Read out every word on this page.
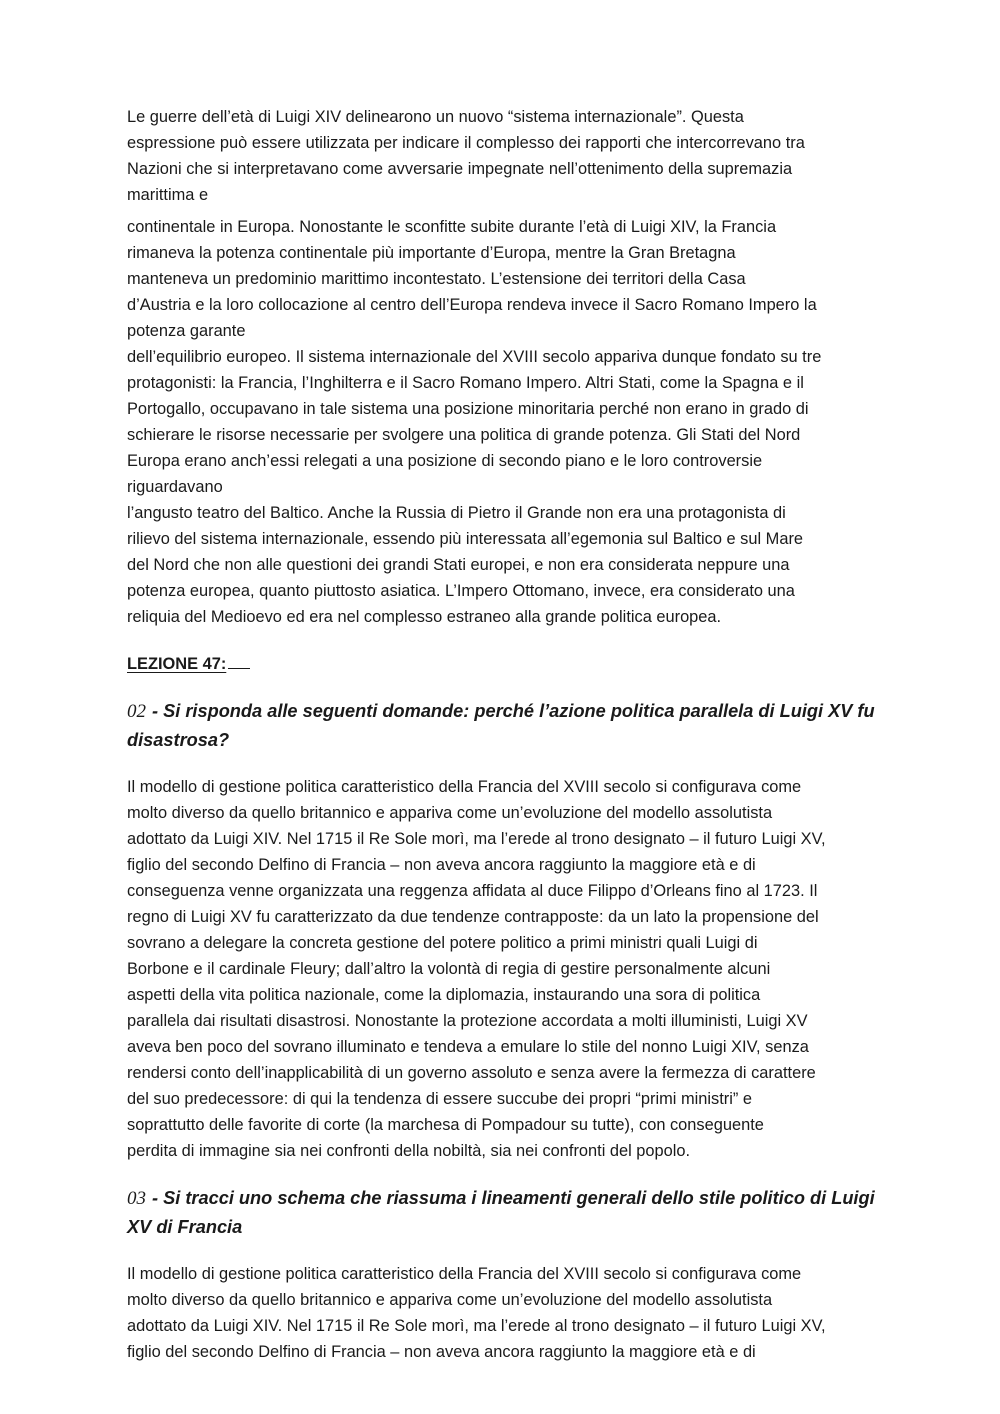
Le guerre dell’età di Luigi XIV delinearono un nuovo “sistema internazionale”. Questa
espressione può essere utilizzata per indicare il complesso dei rapporti che intercorrevano tra
Nazioni che si interpretavano come avversarie impegnate nell’ottenimento della supremazia
marittima e
continentale in Europa. Nonostante le sconfitte subite durante l’età di Luigi XIV, la Francia
rimaneva la potenza continentale più importante d’Europa, mentre la Gran Bretagna
manteneva un predominio marittimo incontestato. L’estensione dei territori della Casa
d’Austria e la loro collocazione al centro dell’Europa rendeva invece il Sacro Romano Impero la
potenza garante
dell’equilibrio europeo. Il sistema internazionale del XVIII secolo appariva dunque fondato su tre
protagonisti: la Francia, l’Inghilterra e il Sacro Romano Impero. Altri Stati, come la Spagna e il
Portogallo, occupavano in tale sistema una posizione minoritaria perché non erano in grado di
schierare le risorse necessarie per svolgere una politica di grande potenza. Gli Stati del Nord
Europa erano anch’essi relegati a una posizione di secondo piano e le loro controversie
riguardavano
l’angusto teatro del Baltico. Anche la Russia di Pietro il Grande non era una protagonista di
rilievo del sistema internazionale, essendo più interessata all’egemonia sul Baltico e sul Mare
del Nord che non alle questioni dei grandi Stati europei, e non era considerata neppure una
potenza europea, quanto piuttosto asiatica. L’Impero Ottomano, invece, era considerato una
reliquia del Medioevo ed era nel complesso estraneo alla grande politica europea.

LEZIONE 47:

02 - Si risponda alle seguenti domande: perché l’azione politica parallela di Luigi XV fu
disastrosa?
Il modello di gestione politica caratteristico della Francia del XVIII secolo si configurava come
molto diverso da quello britannico e appariva come un’evoluzione del modello assolutista
adottato da Luigi XIV. Nel 1715 il Re Sole morì, ma l’erede al trono designato – il futuro Luigi XV,
figlio del secondo Delfino di Francia – non aveva ancora raggiunto la maggiore età e di
conseguenza venne organizzata una reggenza affidata al duce Filippo d’Orleans fino al 1723. Il
regno di Luigi XV fu caratterizzato da due tendenze contrapposte: da un lato la propensione del
sovrano a delegare la concreta gestione del potere politico a primi ministri quali Luigi di
Borbone e il cardinale Fleury; dall’altro la volontà di regia di gestire personalmente alcuni
aspetti della vita politica nazionale, come la diplomazia, instaurando una sora di politica
parallela dai risultati disastrosi. Nonostante la protezione accordata a molti illuministi, Luigi XV
aveva ben poco del sovrano illuminato e tendeva a emulare lo stile del nonno Luigi XIV, senza
rendersi conto dell’inapplicabilità di un governo assoluto e senza avere la fermezza di carattere
del suo predecessore: di qui la tendenza di essere succube dei propri “primi ministri” e
soprattutto delle favorite di corte (la marchesa di Pompadour su tutte), con conseguente
perdita di immagine sia nei confronti della nobiltà, sia nei confronti del popolo.
03 - Si tracci uno schema che riassuma i lineamenti generali dello stile politico di Luigi
XV di Francia
Il modello di gestione politica caratteristico della Francia del XVIII secolo si configurava come
molto diverso da quello britannico e appariva come un’evoluzione del modello assolutista
adottato da Luigi XIV. Nel 1715 il Re Sole morì, ma l’erede al trono designato – il futuro Luigi XV,
figlio del secondo Delfino di Francia – non aveva ancora raggiunto la maggiore età e di
